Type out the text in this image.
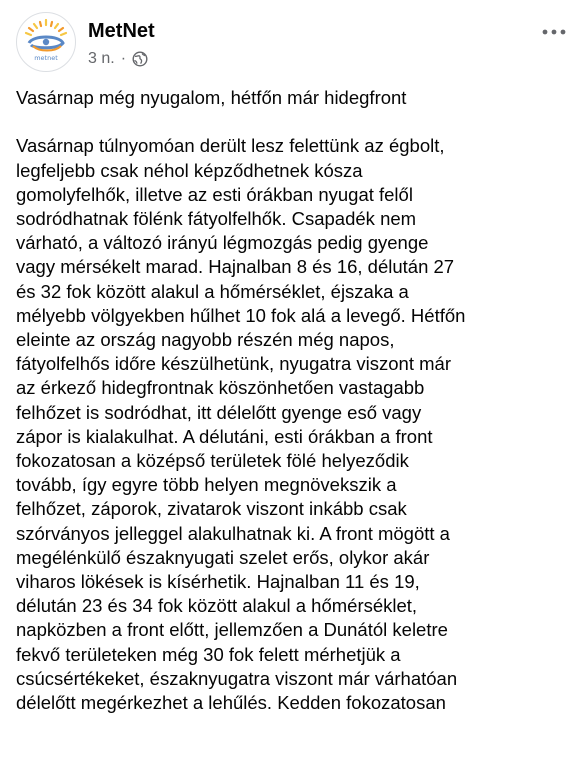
metnet
MetNet
3 n. ·

Vasárnap még nyugalom, hétfőn már hidegfront

Vasárnap túlnyomóan derült lesz felettünk az égbolt,
legfeljebb csak néhol képződhetnek kósza
gomolyfelhők, illetve az esti órákban nyugat felől
sodródhatnak fölénk fátyolfelhők. Csapadék nem
várható, a változó irányú légmozgás pedig gyenge
vagy mérsékelt marad. Hajnalban 8 és 16, délután 27
és 32 fok között alakul a hőmérséklet, éjszaka a
mélyebb völgyekben hűlhet 10 fok alá a levegő. Hétfőn
eleinte az ország nagyobb részén még napos,
fátyolfelhős időre készülhetünk, nyugatra viszont már
az érkező hidegfrontnak köszönhetően vastagabb
felhőzet is sodródhat, itt délelőtt gyenge eső vagy
zápor is kialakulhat. A délutáni, esti órákban a front
fokozatosan a középső területek fölé helyeződik
tovább, így egyre több helyen megnövekszik a
felhőzet, záporok, zivatarok viszont inkább csak
szórványos jelleggel alakulhatnak ki. A front mögött a
megélénkülő északnyugati szelet erős, olykor akár
viharos lökések is kísérhetik. Hajnalban 11 és 19,
délután 23 és 34 fok között alakul a hőmérséklet,
napközben a front előtt, jellemzően a Dunától keletre
fekvő területeken még 30 fok felett mérhetjük a
csúcsértékeket, északnyugatra viszont már várhatóan
délelőtt megérkezhet a lehűlés. Kedden fokozatosan
